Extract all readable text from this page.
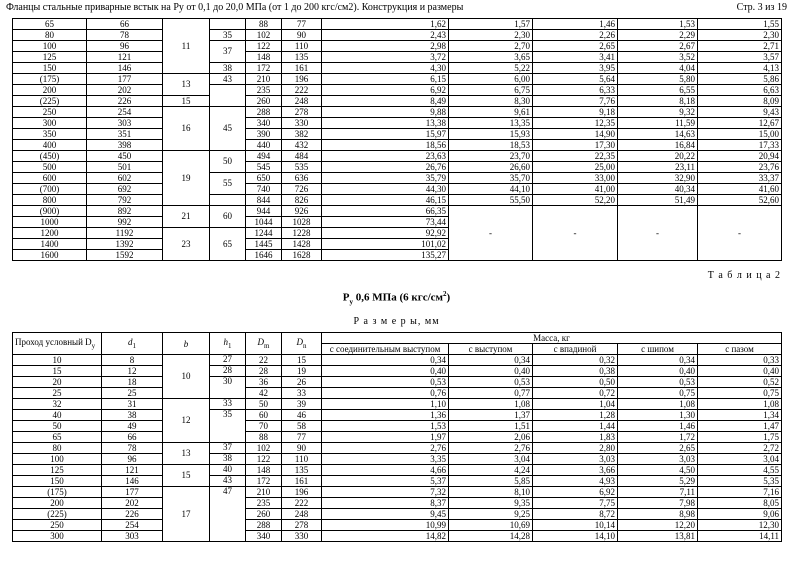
Фланцы стальные приварные встык на Ру от 0,1 до 20,0 МПа (от 1 до 200 кгс/см2). Конструкция и размеры	Стр. 3 из 19
65	66	11		88	77	1,62	1,57	1,46	1,53	1,55
80	78		35	102	90	2,43	2,30	2,26	2,29	2,30
100	96		37	122	110	2,98	2,70	2,65	2,67	2,71
125	121			148	135	3,72	3,65	3,41	3,52	3,57
150	146		38	172	161	4,30	5,22	3,95	4,04	4,13
(175)	177	13	43	210	196	6,15	6,00	5,64	5,80	5,86
200	202			235	222	6,92	6,75	6,33	6,55	6,63
(225)	226	15		260	248	8,49	8,30	7,76	8,18	8,09
250	254	16	45	288	278	9,88	9,61	9,18	9,32	9,43
300	303			340	330	13,38	13,35	12,35	11,59	12,67
350	351			390	382	15,97	15,93	14,90	14,63	15,00
400	398			440	432	18,56	18,53	17,30	16,84	17,33
(450)	450	19	50	494	484	23,63	23,70	22,35	20,22	20,94
500	501			545	535	26,76	26,60	25,00	23,11	23,76
600	602		55	650	636	35,79	35,70	33,00	32,90	33,37
(700)	692			740	726	44,30	44,10	41,00	40,34	41,60
800	792			844	826	46,15	55,50	52,20	51,49	52,60
(900)	892	21	60	944	926	66,35	-	-	-	-
1000	992			1044	1028	73,44				
1200	1192	23	65	1244	1228	92,92				
1400	1392			1445	1428	101,02				
1600	1592			1646	1628	135,27				
Т а б л и ц а 2
$P_у$ 0,6 МПа (6 кгс/$см^2$)
Р а з м е р ы, мм
Проход условный $D_у$	$d_1$	b	$h_1$	$D_m$	$D_n$	Масса, кг				
						с соединительным выступом	с выступом	с впадиной	с шипом	с пазом
10	8	10	27	22	15	0,34	0,34	0,32	0,34	0,33
15	12		28	28	19	0,40	0,40	0,38	0,40	0,40
20	18		30	36	26	0,53	0,53	0,50	0,53	0,52
25	25			42	33	0,76	0,77	0,72	0,75	0,75
32	31	12	33	50	39	1,10	1,08	1,04	1,08	1,08
40	38		35	60	46	1,36	1,37	1,28	1,30	1,34
50	49			70	58	1,53	1,51	1,44	1,46	1,47
65	66			88	77	1,97	2,06	1,83	1,72	1,75
80	78	13	37	102	90	2,76	2,76	2,80	2,65	2,72
100	96		38	122	110	3,35	3,04	3,03	3,03	3,04
125	121	15	40	148	135	4,66	4,24	3,66	4,50	4,55
150	146		43	172	161	5,37	5,85	4,93	5,29	5,35
(175)	177	17	47	210	196	7,32	8,10	6,92	7,11	7,16
200	202			235	222	8,37	9,35	7,75	7,98	8,05
(225)	226			260	248	9,45	9,25	8,72	8,98	9,06
250	254			288	278	10,99	10,69	10,14	12,20	12,30
300	303			340	330	14,82	14,28	14,10	13,81	14,11
